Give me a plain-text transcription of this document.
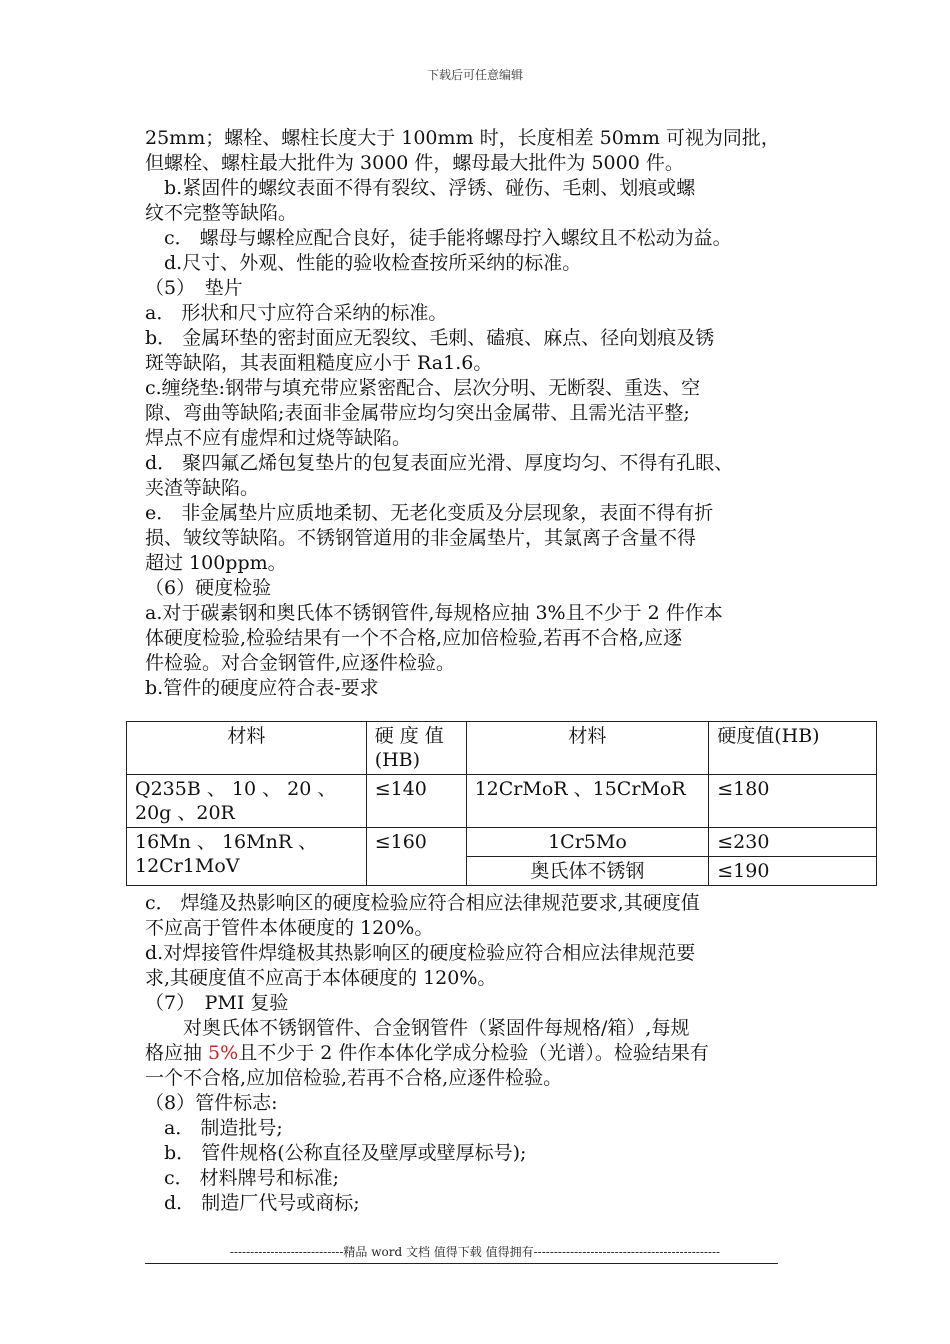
下载后可任意编辑
25mm；螺栓、螺柱长度大于 100mm 时，长度相差 50mm 可视为同批，
但螺栓、螺柱最大批件为 3000 件，螺母最大批件为 5000 件。
　b.紧固件的螺纹表面不得有裂纹、浮锈、碰伤、毛刺、划痕或螺
纹不完整等缺陷。
　c． 螺母与螺栓应配合良好，徒手能将螺母拧入螺纹且不松动为益。
　d.尺寸、外观、性能的验收检查按所采纳的标准。
（5）　垫片
a． 形状和尺寸应符合采纳的标准。
b． 金属环垫的密封面应无裂纹、毛刺、磕痕、麻点、径向划痕及锈
斑等缺陷，其表面粗糙度应小于 Ra1.6。
c.缠绕垫:钢带与填充带应紧密配合、层次分明、无断裂、重迭、空
隙、弯曲等缺陷;表面非金属带应均匀突出金属带、且需光洁平整;
焊点不应有虚焊和过烧等缺陷。
d． 聚四氟乙烯包复垫片的包复表面应光滑、厚度均匀、不得有孔眼、
夹渣等缺陷。
e． 非金属垫片应质地柔韧、无老化变质及分层现象，表面不得有折
损、皱纹等缺陷。不锈钢管道用的非金属垫片，其氯离子含量不得
超过 100ppm。
（6）硬度检验
a.对于碳素钢和奥氏体不锈钢管件,每规格应抽 3%且不少于 2 件作本
体硬度检验,检验结果有一个不合格,应加倍检验,若再不合格,应逐
件检验。对合金钢管件,应逐件检验。
b.管件的硬度应符合表-要求
材料	硬 度 值 (HB)	材料	硬度值(HB)
Q235B 、 10 、 20 、 20g 、20R	≤140	12CrMoR 、15CrMoR	≤180
16Mn 、 16MnR 、 12Cr1MoV	≤160	1Cr5Mo	≤230
		奥氏体不锈钢	≤190
c． 焊缝及热影响区的硬度检验应符合相应法律规范要求,其硬度值
不应高于管件本体硬度的 120%。
d.对焊接管件焊缝极其热影响区的硬度检验应符合相应法律规范要
求,其硬度值不应高于本体硬度的 120%。
（7）　PMI 复验
　　对奥氏体不锈钢管件、合金钢管件（紧固件每规格/箱）,每规
格应抽 5%且不少于 2 件作本体化学成分检验（光谱）。检验结果有
一个不合格,应加倍检验,若再不合格,应逐件检验。
（8）管件标志:
　a． 制造批号;
　b． 管件规格(公称直径及壁厚或壁厚标号);
　c． 材料牌号和标准;
　d． 制造厂代号或商标;
----------------------------精品 word 文档 值得下载 值得拥有----------------------------------------------
